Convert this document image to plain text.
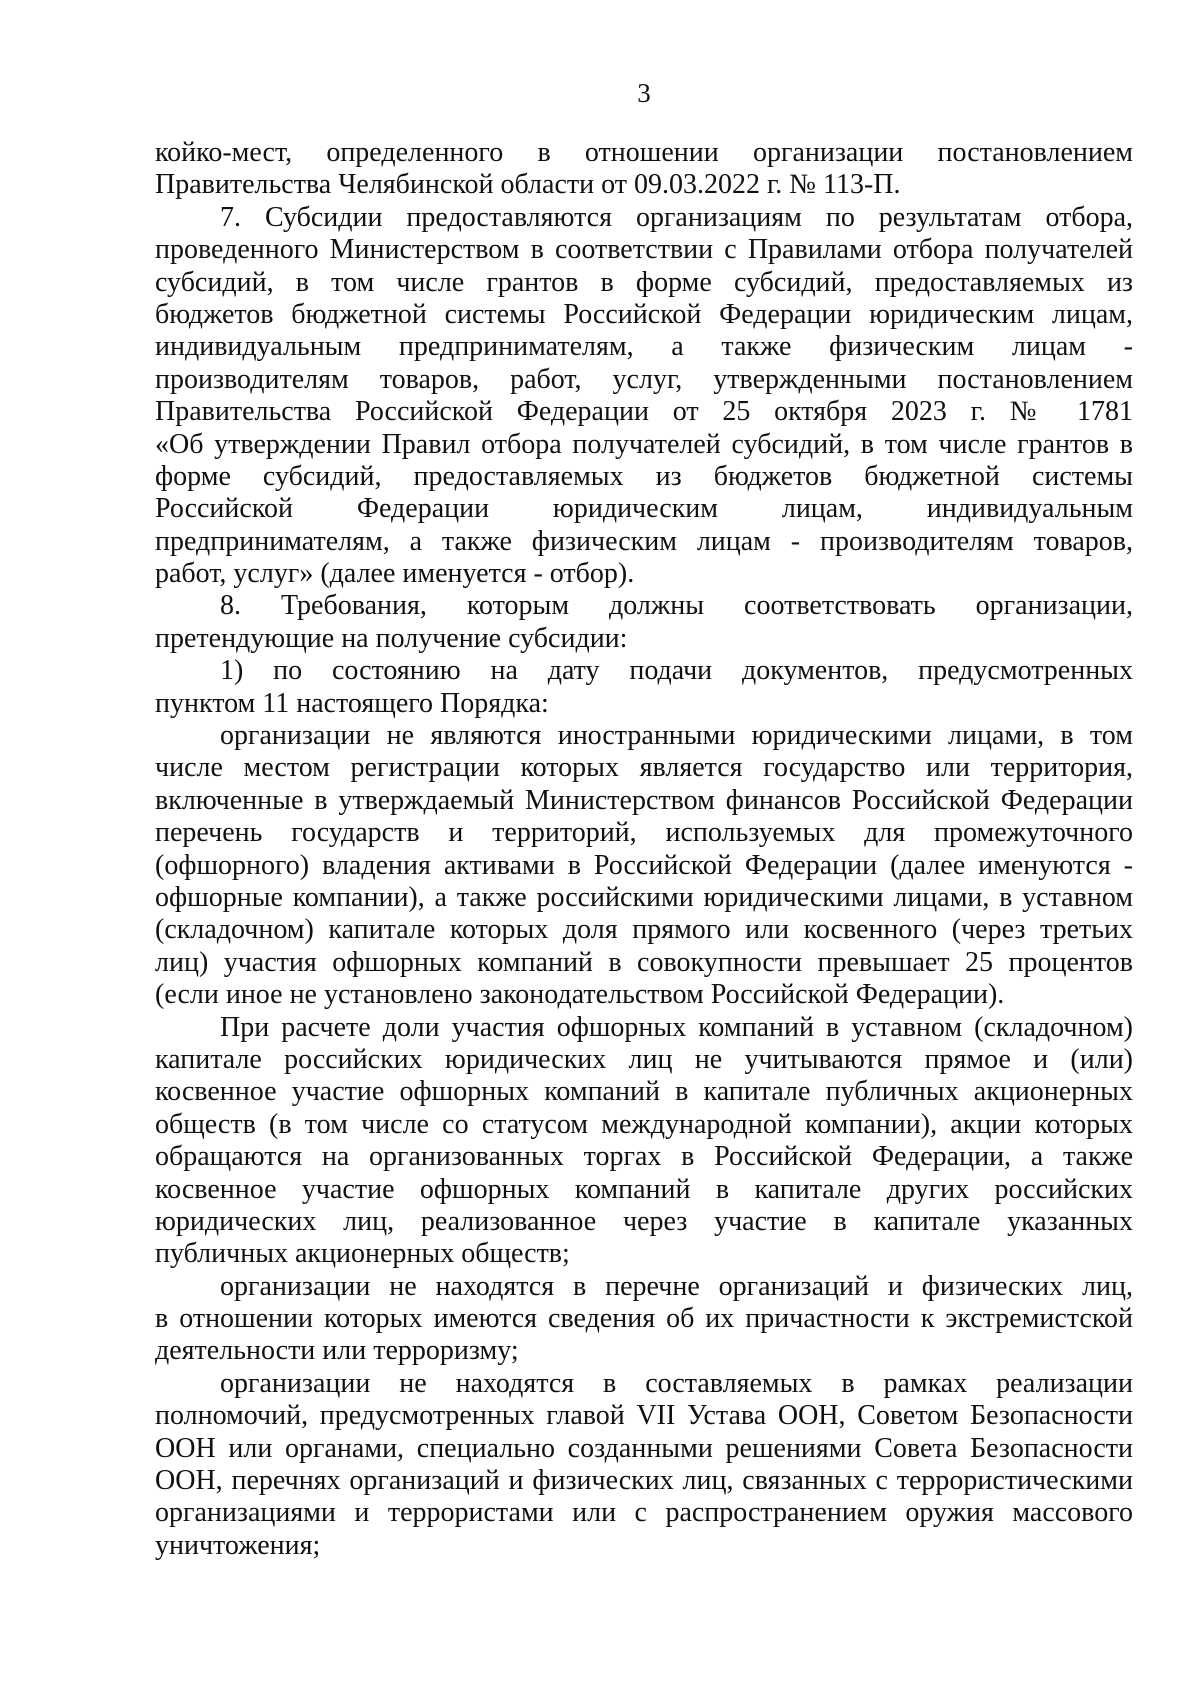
3
койко-мест, определенного в отношении организации постановлением
Правительства Челябинской области от 09.03.2022 г. № 113-П.
7. Субсидии предоставляются организациям по результатам отбора,
проведенного Министерством в соответствии с Правилами отбора получателей
субсидий, в том числе грантов в форме субсидий, предоставляемых из
бюджетов бюджетной системы Российской Федерации юридическим лицам,
индивидуальным предпринимателям, а также физическим лицам -
производителям товаров, работ, услуг, утвержденными постановлением
Правительства Российской Федерации от 25 октября 2023 г. № 1781
«Об утверждении Правил отбора получателей субсидий, в том числе грантов в
форме субсидий, предоставляемых из бюджетов бюджетной системы
Российской Федерации юридическим лицам, индивидуальным
предпринимателям, а также физическим лицам - производителям товаров,
работ, услуг» (далее именуется - отбор).
8. Требования, которым должны соответствовать организации,
претендующие на получение субсидии:
1) по состоянию на дату подачи документов, предусмотренных
пунктом 11 настоящего Порядка:
организации не являются иностранными юридическими лицами, в том
числе местом регистрации которых является государство или территория,
включенные в утверждаемый Министерством финансов Российской Федерации
перечень государств и территорий, используемых для промежуточного
(офшорного) владения активами в Российской Федерации (далее именуются -
офшорные компании), а также российскими юридическими лицами, в уставном
(складочном) капитале которых доля прямого или косвенного (через третьих
лиц) участия офшорных компаний в совокупности превышает 25 процентов
(если иное не установлено законодательством Российской Федерации).
При расчете доли участия офшорных компаний в уставном (складочном)
капитале российских юридических лиц не учитываются прямое и (или)
косвенное участие офшорных компаний в капитале публичных акционерных
обществ (в том числе со статусом международной компании), акции которых
обращаются на организованных торгах в Российской Федерации, а также
косвенное участие офшорных компаний в капитале других российских
юридических лиц, реализованное через участие в капитале указанных
публичных акционерных обществ;
организации не находятся в перечне организаций и физических лиц,
в отношении которых имеются сведения об их причастности к экстремистской
деятельности или терроризму;
организации не находятся в составляемых в рамках реализации
полномочий, предусмотренных главой VII Устава ООН, Советом Безопасности
ООН или органами, специально созданными решениями Совета Безопасности
ООН, перечнях организаций и физических лиц, связанных с террористическими
организациями и террористами или с распространением оружия массового
уничтожения;
